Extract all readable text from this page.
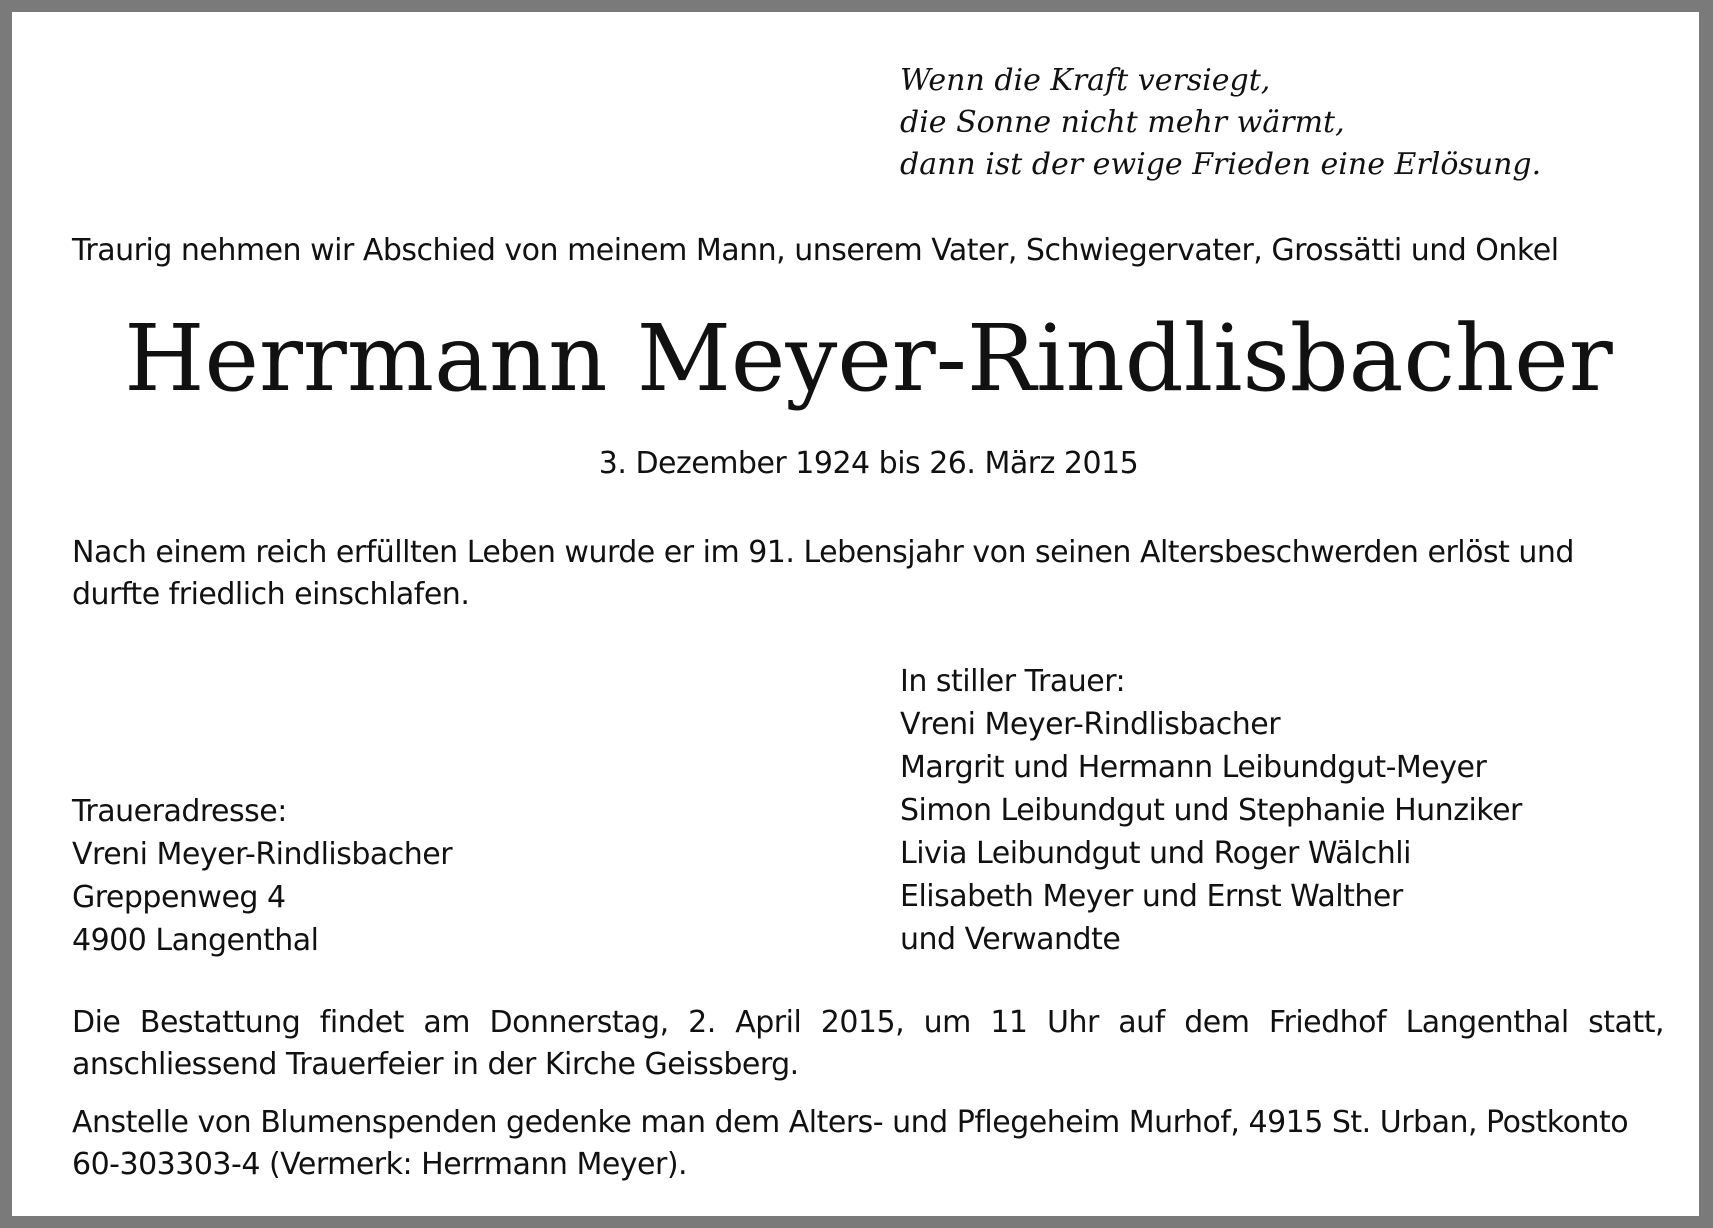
Wenn die Kraft versiegt,
die Sonne nicht mehr wärmt,
dann ist der ewige Frieden eine Erlösung.
Traurig nehmen wir Abschied von meinem Mann, unserem Vater, Schwiegervater, Grossätti und Onkel
Herrmann Meyer-Rindlisbacher
3. Dezember 1924 bis 26. März 2015
Nach einem reich erfüllten Leben wurde er im 91. Lebensjahr von seinen Altersbeschwerden erlöst und durfte friedlich einschlafen.
In stiller Trauer:
Vreni Meyer-Rindlisbacher
Margrit und Hermann Leibundgut-Meyer
Simon Leibundgut und Stephanie Hunziker
Livia Leibundgut und Roger Wälchli
Elisabeth Meyer und Ernst Walther
und Verwandte
Traueradresse:
Vreni Meyer-Rindlisbacher
Greppenweg 4
4900 Langenthal
Die Bestattung findet am Donnerstag, 2. April 2015, um 11 Uhr auf dem Friedhof Langenthal statt, anschliessend Trauerfeier in der Kirche Geissberg.
Anstelle von Blumenspenden gedenke man dem Alters- und Pflegeheim Murhof, 4915 St. Urban, Postkonto 60-303303-4 (Vermerk: Herrmann Meyer).
